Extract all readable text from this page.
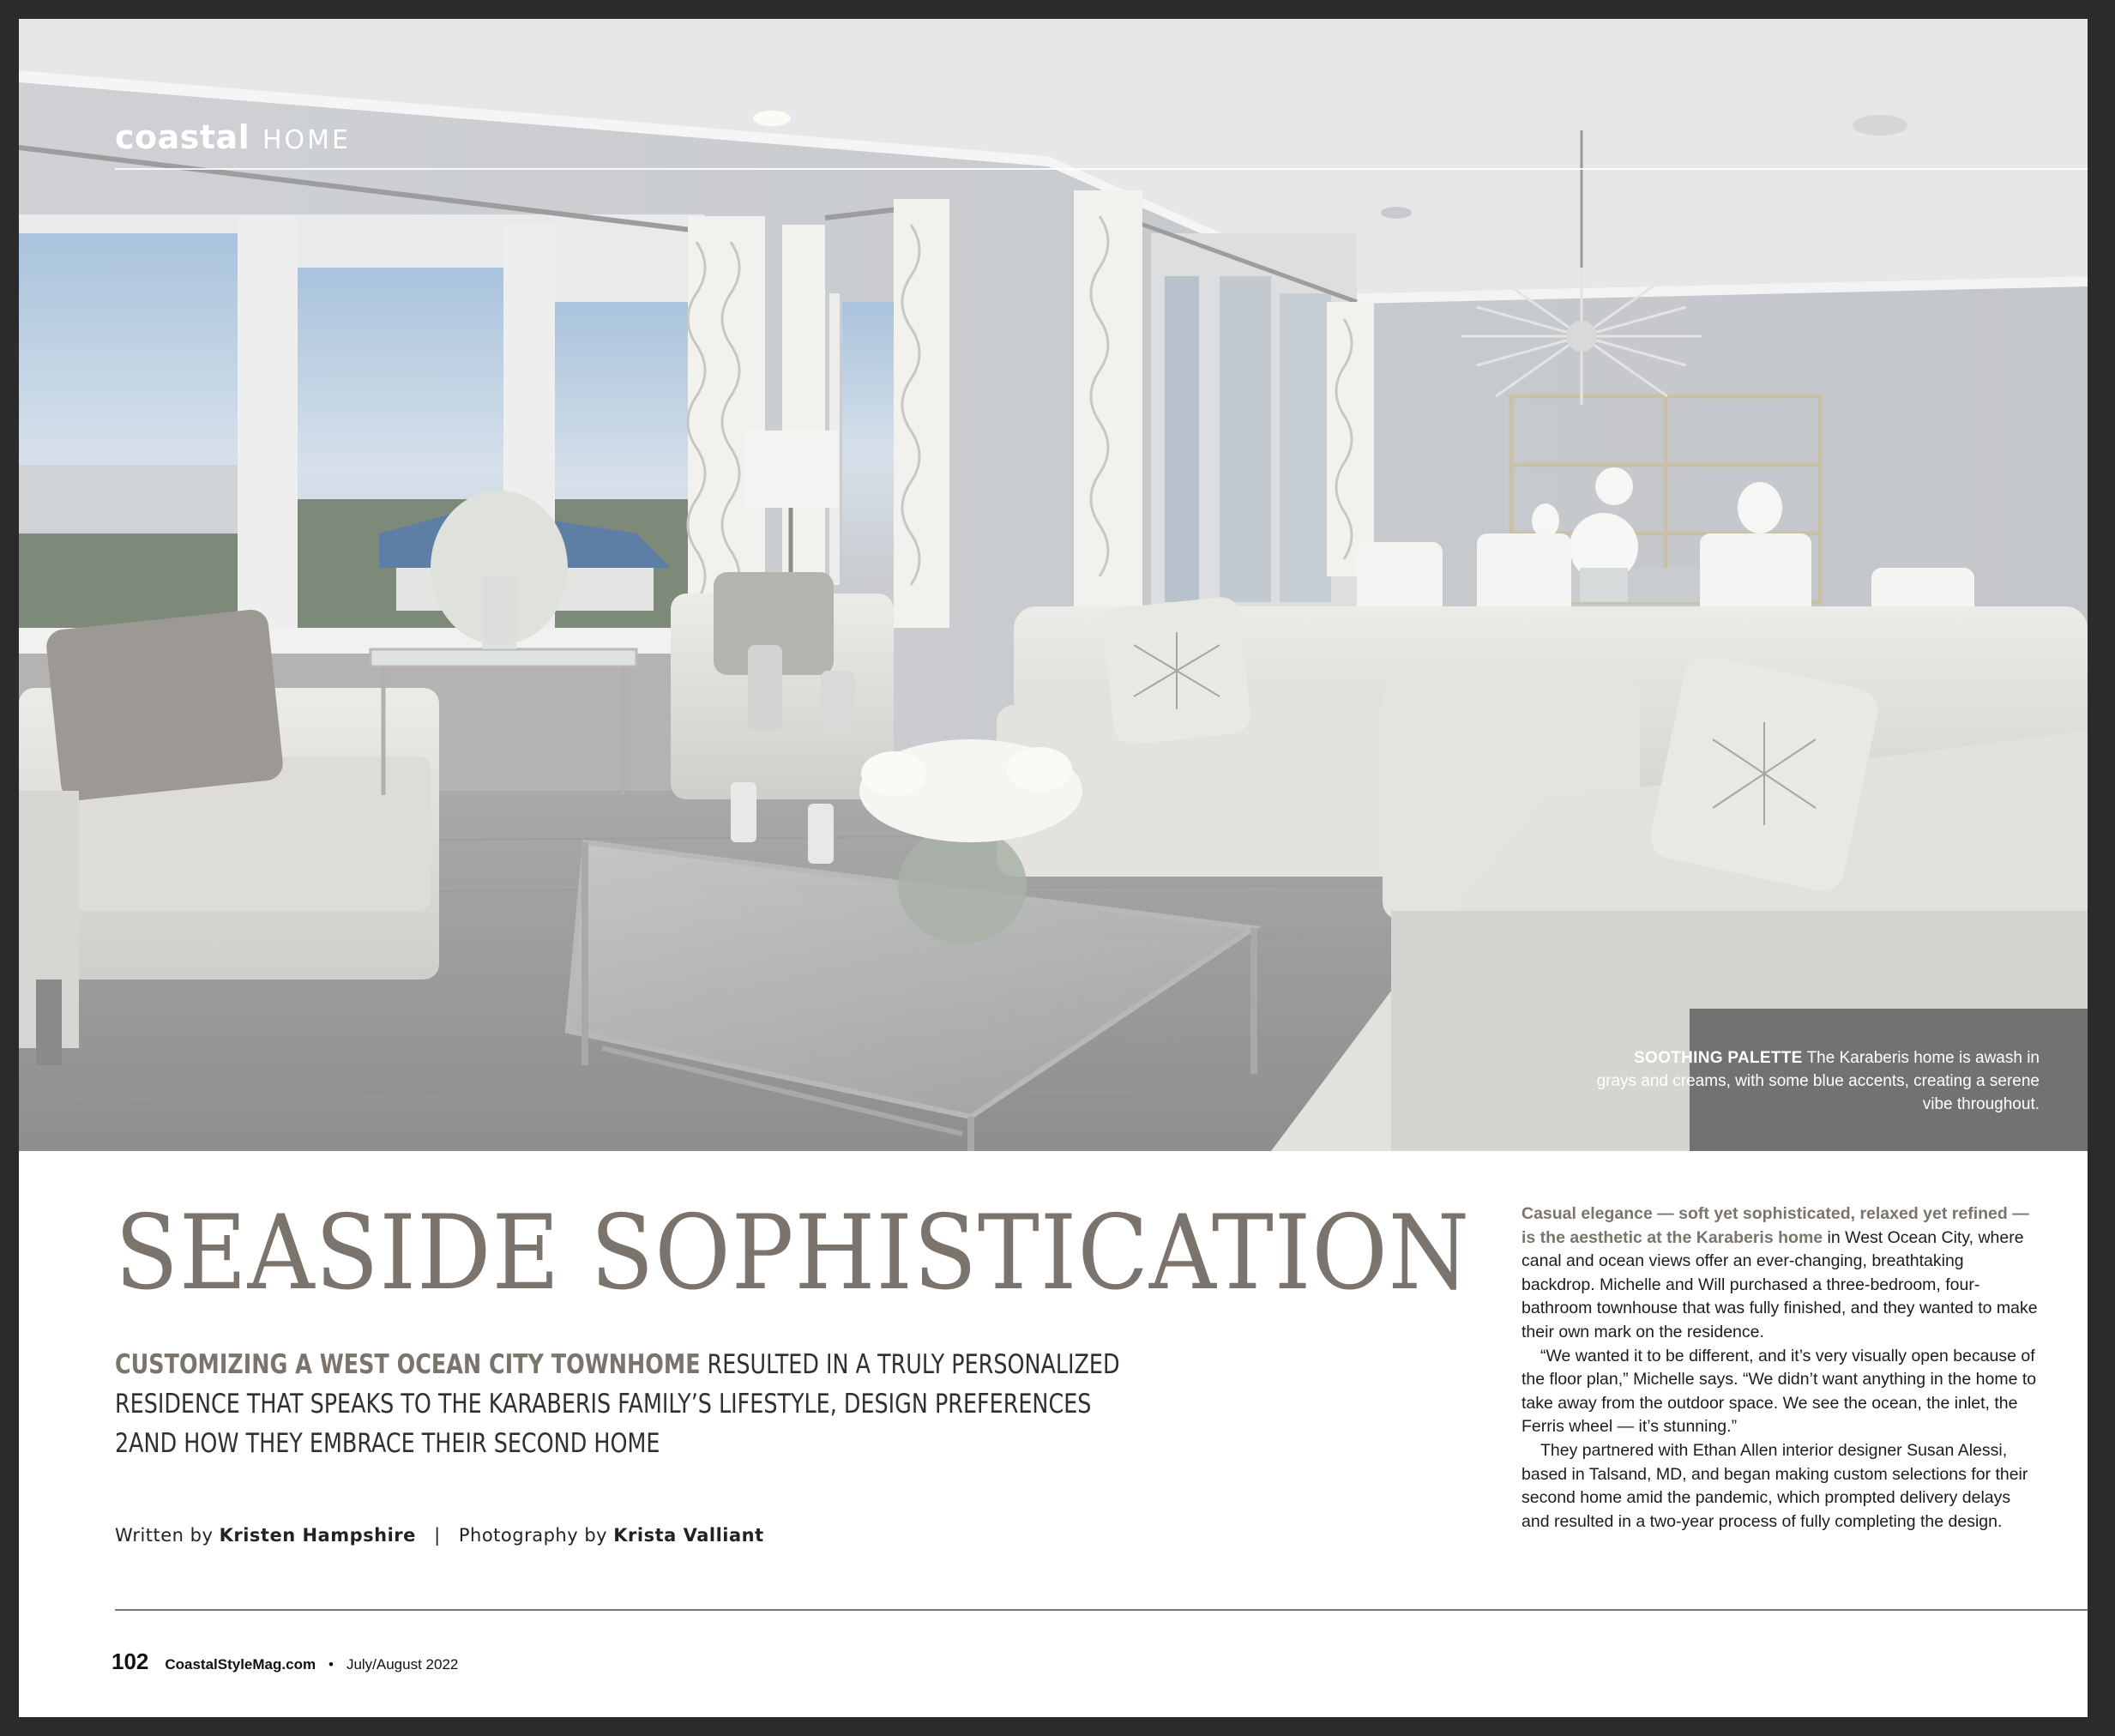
coastal HOME
SOOTHING PALETTE The Karaberis home is awash in grays and creams, with some blue accents, creating a serene vibe throughout.
SEASIDE SOPHISTICATION
CUSTOMIZING A WEST OCEAN CITY TOWNHOME RESULTED IN A TRULY PERSONALIZED
RESIDENCE THAT SPEAKS TO THE KARABERIS FAMILY’S LIFESTYLE, DESIGN PREFERENCES
2AND HOW THEY EMBRACE THEIR SECOND HOME
Written by Kristen Hampshire | Photography by Krista Valliant

Casual elegance — soft yet sophisticated, relaxed yet refined — is the aesthetic at the Karaberis home in West Ocean City, where canal and ocean views offer an ever-changing, breathtaking backdrop. Michelle and Will purchased a three-bedroom, four-bathroom townhouse that was fully finished, and they wanted to make their own mark on the residence.

“We wanted it to be different, and it’s very visually open because of the floor plan,” Michelle says. “We didn’t want anything in the home to take away from the outdoor space. We see the ocean, the inlet, the Ferris wheel — it’s stunning.”

They partnered with Ethan Allen interior designer Susan Alessi, based in Talsand, MD, and began making custom selections for their second home amid the pandemic, which prompted delivery delays and resulted in a two-year process of fully completing the design.

102 CoastalStyleMag.com • July/August 2022
